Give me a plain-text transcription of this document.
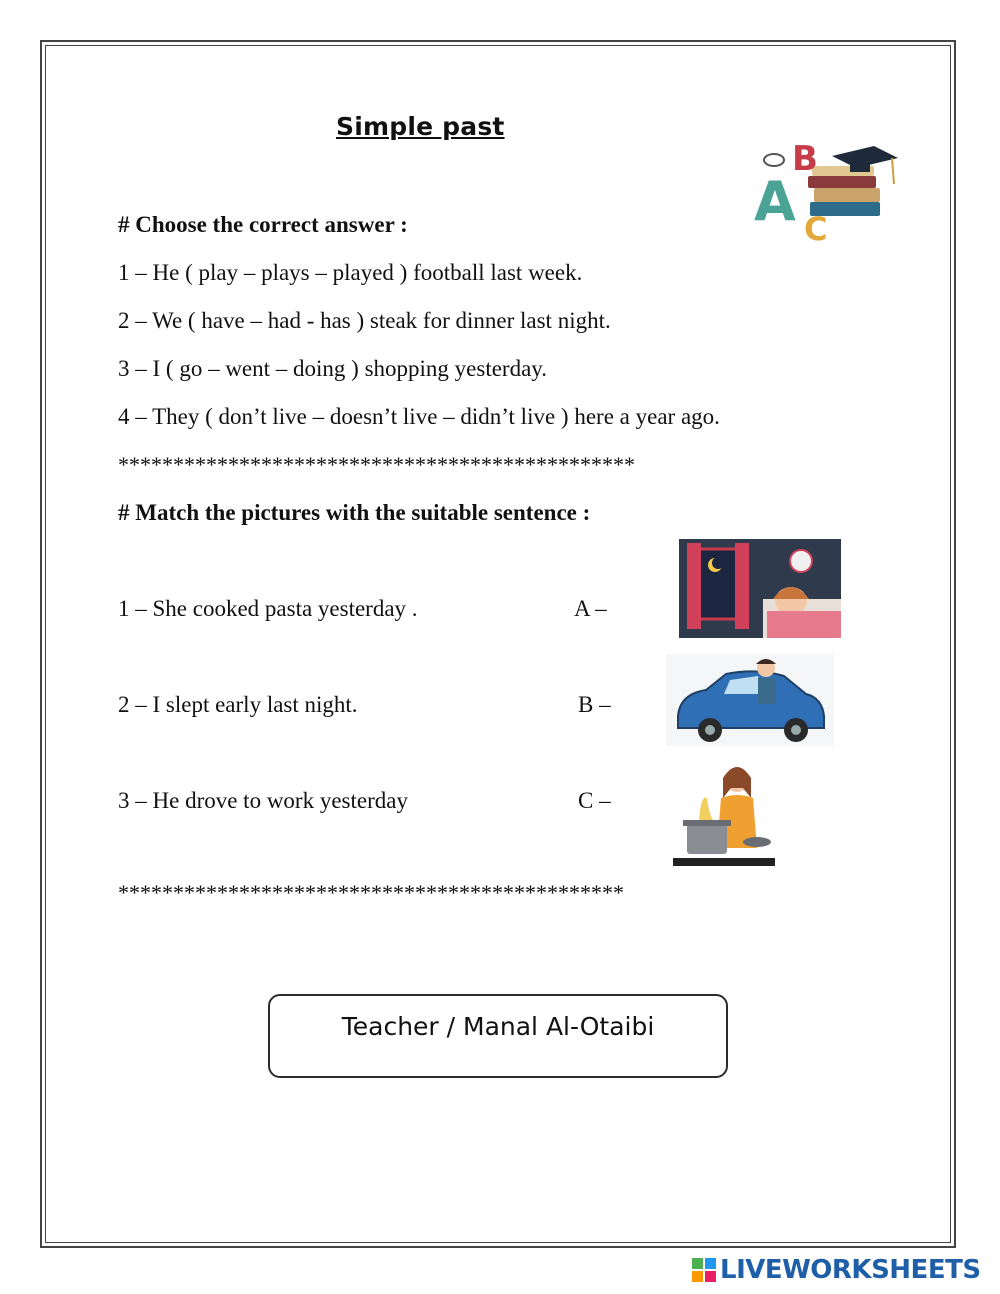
Simple past
B
A C
# Choose the correct answer :
1 – He ( play – plays – played ) football last week.
2 – We ( have – had - has ) steak for dinner last night.
3 – I ( go – went – doing ) shopping yesterday.
4 – They ( don’t live – doesn’t live – didn’t live ) here a year ago.
***********************************************
# Match the pictures with the suitable sentence :
1 – She cooked pasta yesterday .	A –
2 – I slept early last night.	B –
3 – He drove to work yesterday	C –
**********************************************
Teacher / Manal Al-Otaibi
LIVEWORKSHEETS
